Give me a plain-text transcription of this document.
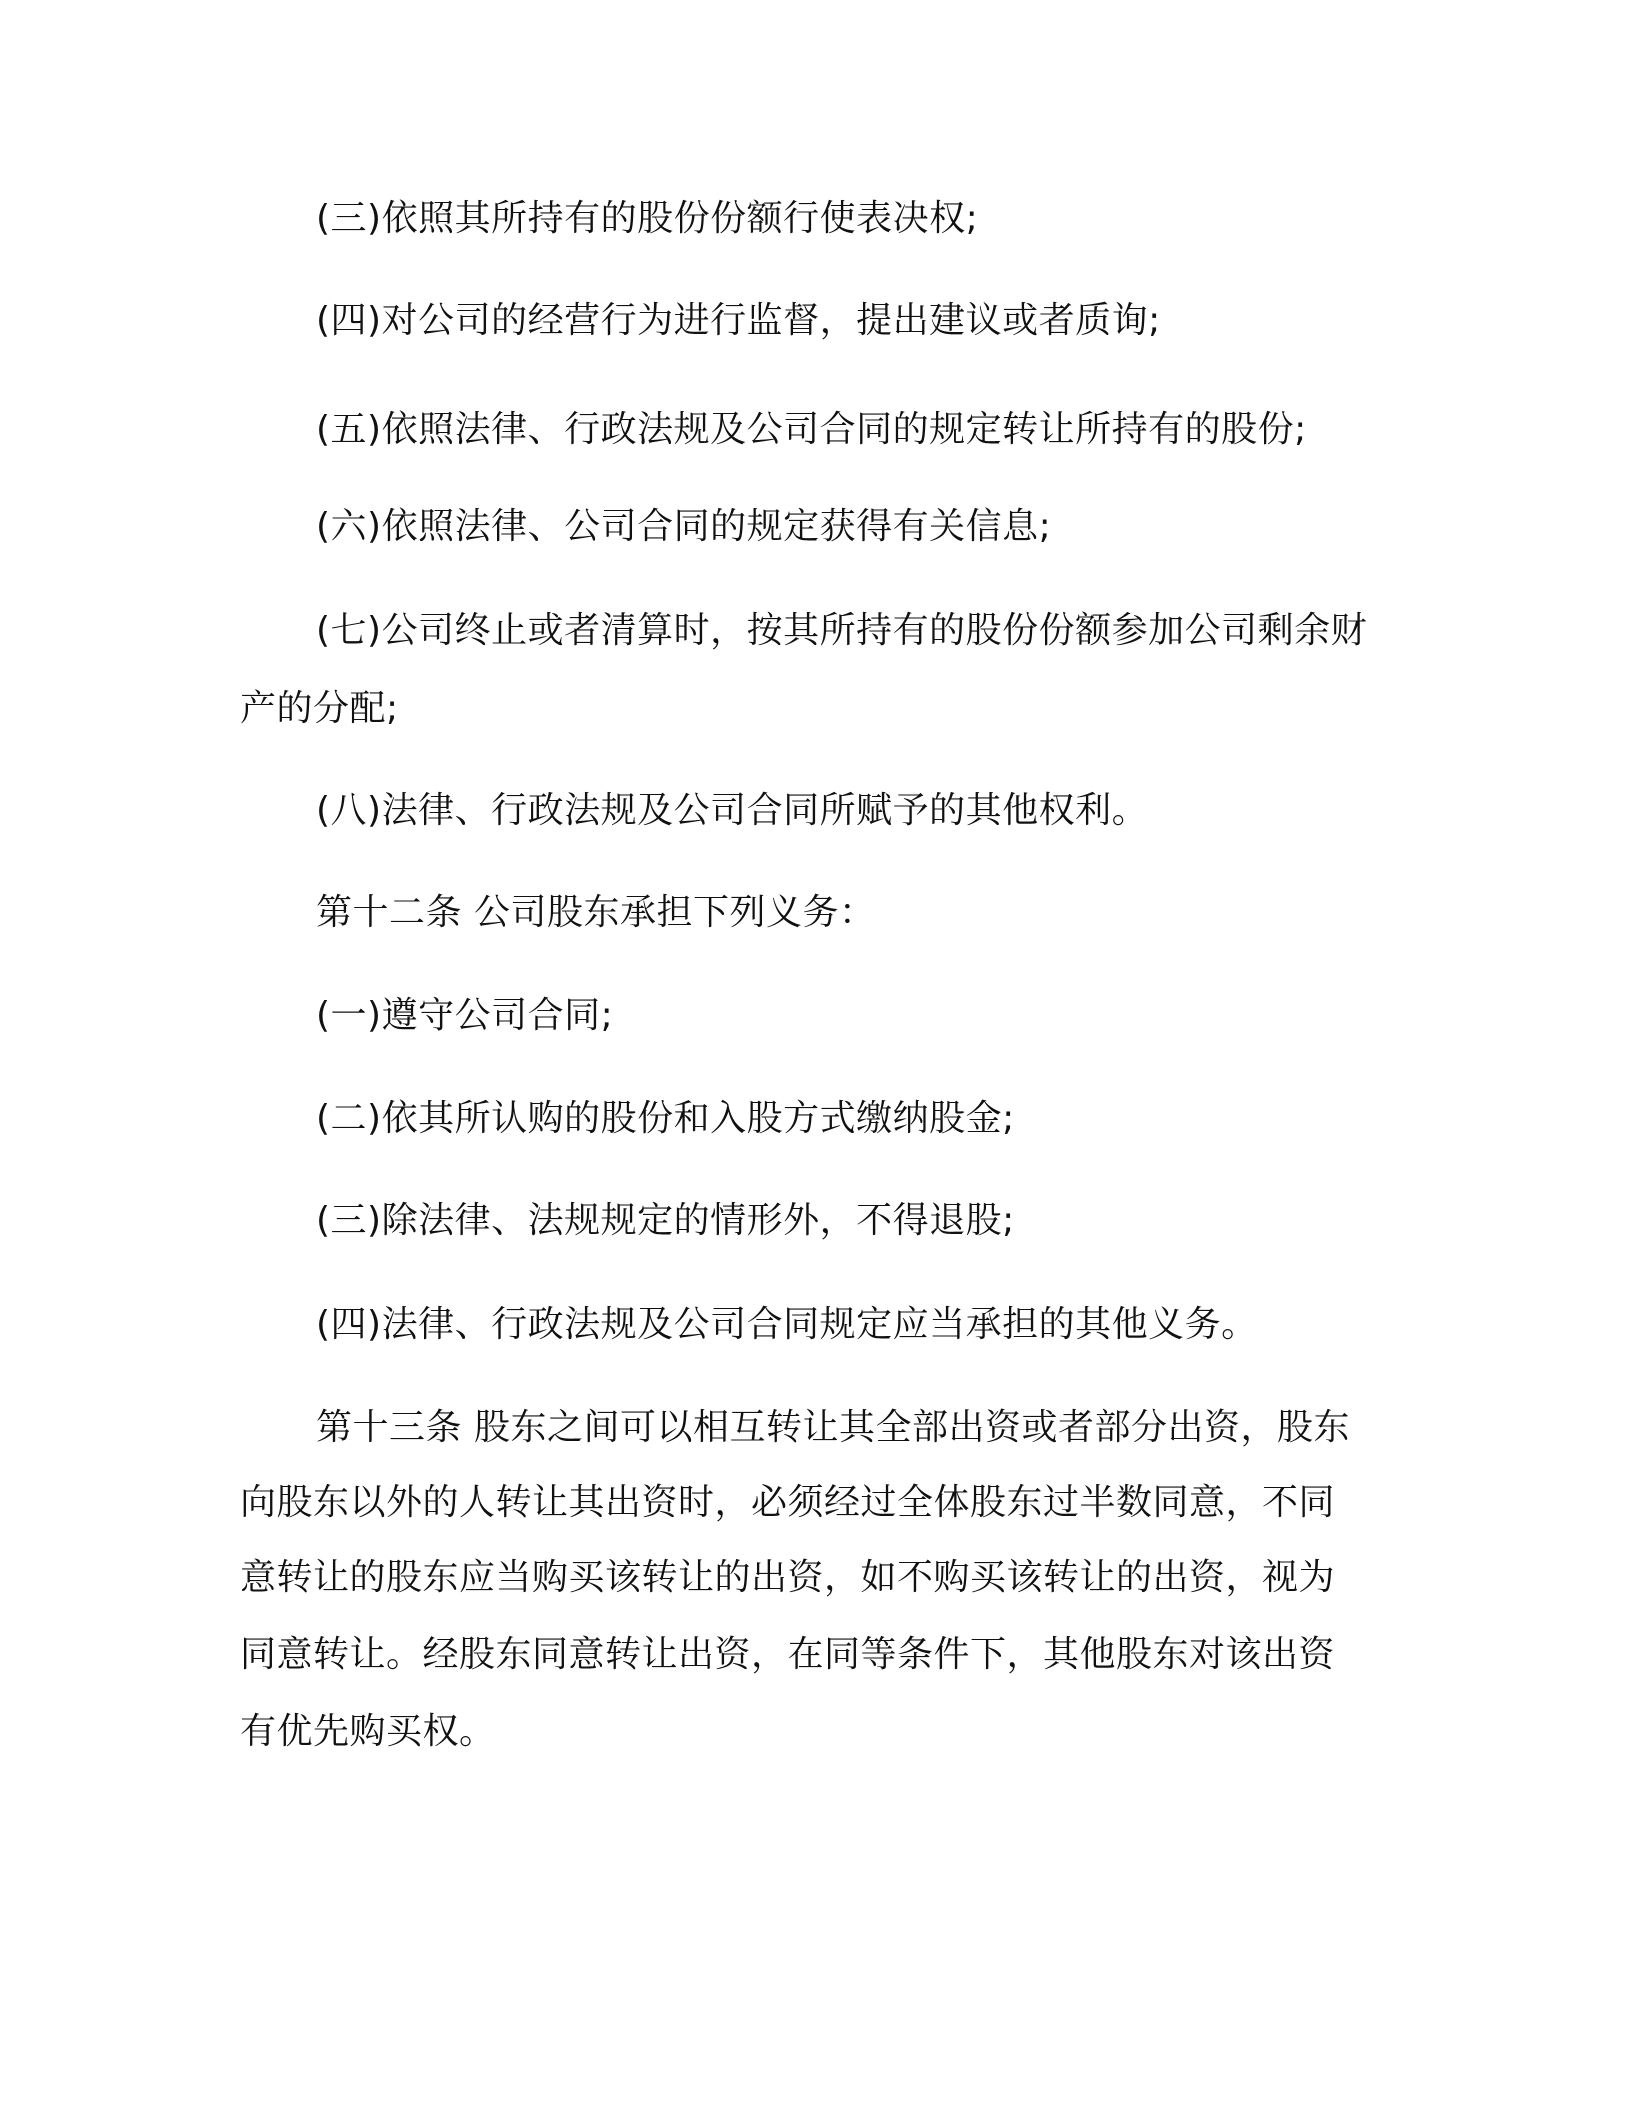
(三)依照其所持有的股份份额行使表决权;

(四)对公司的经营行为进行监督，提出建议或者质询;

(五)依照法律、行政法规及公司合同的规定转让所持有的股份;

(六)依照法律、公司合同的规定获得有关信息;

(七)公司终止或者清算时，按其所持有的股份份额参加公司剩余财

产的分配;

(八)法律、行政法规及公司合同所赋予的其他权利。

第十二条 公司股东承担下列义务：

(一)遵守公司合同;

(二)依其所认购的股份和入股方式缴纳股金;

(三)除法律、法规规定的情形外，不得退股;

(四)法律、行政法规及公司合同规定应当承担的其他义务。

第十三条 股东之间可以相互转让其全部出资或者部分出资，股东

向股东以外的人转让其出资时，必须经过全体股东过半数同意，不同

意转让的股东应当购买该转让的出资，如不购买该转让的出资，视为

同意转让。经股东同意转让出资，在同等条件下，其他股东对该出资

有优先购买权。
